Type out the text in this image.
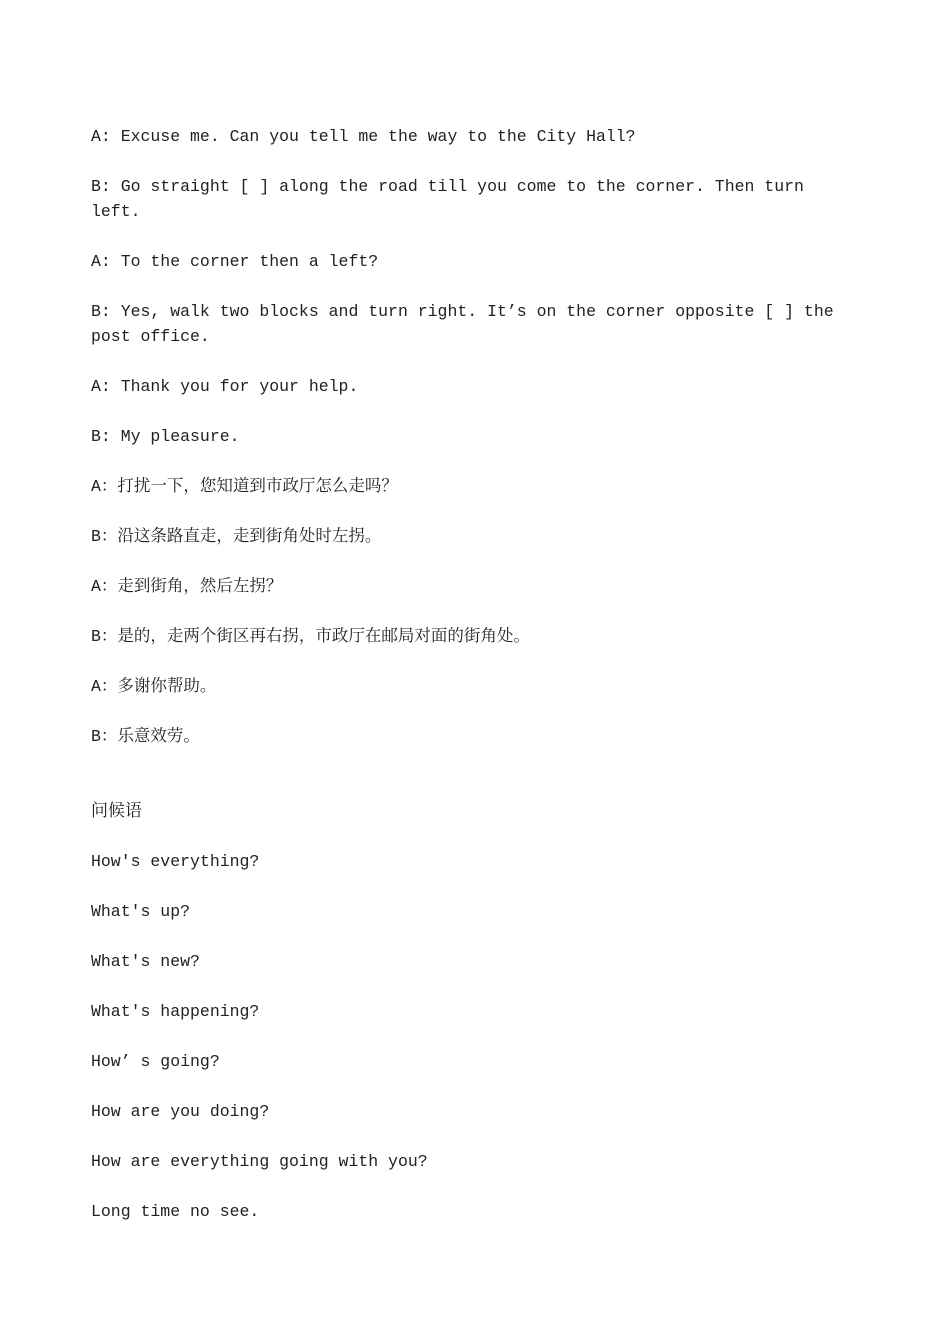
A: Excuse me. Can you tell me the way to the City Hall?

B: Go straight [ ] along the road till you come to the corner. Then turn left.

A: To the corner then a left?

B: Yes, walk two blocks and turn right. It’s on the corner opposite [ ] the post office.

A: Thank you for your help.

B: My pleasure.

A：打扰一下，您知道到市政厅怎么走吗？

B：沿这条路直走，走到街角处时左拐。

A：走到街角，然后左拐？

B：是的，走两个街区再右拐，市政厅在邮局对面的街角处。

A：多谢你帮助。

B：乐意效劳。

问候语

How's everything?

What's up?

What's new?

What's happening?

How’ s going?

How are you doing?

How are everything going with you?

Long time no see.
